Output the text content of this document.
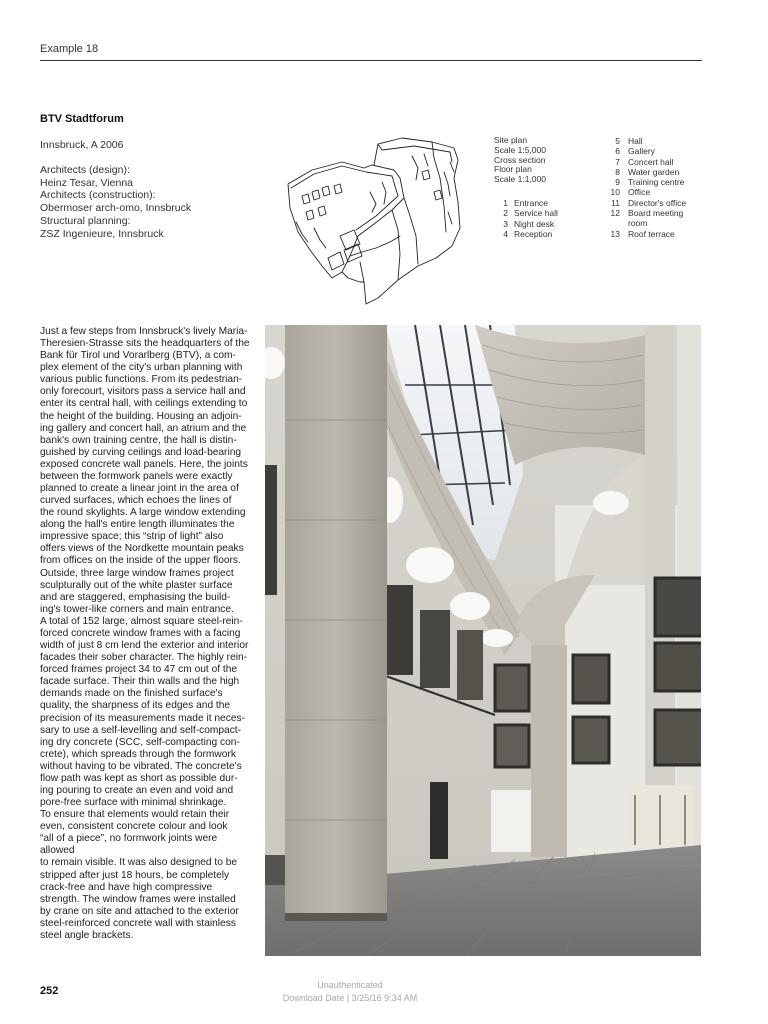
Example 18
BTV Stadtforum
Innsbruck, A 2006
Architects (design):
Heinz Tesar, Vienna
Architects (construction):
Obermoser arch-omo, Innsbruck
Structural planning:
ZSZ Ingenieure, Innsbruck
Site plan
Scale 1:5,000
Cross section
Floor plan
Scale 1:1,000
1 Entrance
2 Service hall
3 Night desk
4 Reception
5 Hall
6 Gallery
7 Concert hall
8 Water garden
9 Training centre
10 Office
11 Director's office
12 Board meeting room
13 Roof terrace

Just a few steps from Innsbruck's lively Maria-

Theresien-Strasse sits the headquarters of the

Bank für Tirol und Vorarlberg (BTV), a com-

plex element of the city's urban planning with

various public functions. From its pedestrian-

only forecourt, visitors pass a service hall and

enter its central hall, with ceilings extending to

the height of the building. Housing an adjoin-

ing gallery and concert hall, an atrium and the

bank's own training centre, the hall is distin-

guished by curving ceilings and load-bearing

exposed concrete wall panels. Here, the joints

between the formwork panels were exactly

planned to create a linear joint in the area of

curved surfaces, which echoes the lines of

the round skylights. A large window extending

along the hall's entire length illuminates the

impressive space; this “strip of light” also

offers views of the Nordkette mountain peaks

from offices on the inside of the upper floors.

Outside, three large window frames project

sculpturally out of the white plaster surface

and are staggered, emphasising the build-

ing's tower-like corners and main entrance.

A total of 152 large, almost square steel-rein-

forced concrete window frames with a facing

width of just 8 cm lend the exterior and interior

facades their sober character. The highly rein-

forced frames project 34 to 47 cm out of the

facade surface. Their thin walls and the high

demands made on the finished surface's

quality, the sharpness of its edges and the

precision of its measurements made it neces-

sary to use a self-levelling and self-compact-

ing dry concrete (SCC, self-compacting con-

crete), which spreads through the formwork

without having to be vibrated. The concrete's

flow path was kept as short as possible dur-

ing pouring to create an even and void and

pore-free surface with minimal shrinkage.

To ensure that elements would retain their

even, consistent concrete colour and look

“all of a piece”, no formwork joints were allowed

to remain visible. It was also designed to be

stripped after just 18 hours, be completely

crack-free and have high compressive

strength. The window frames were installed

by crane on site and attached to the exterior

steel-reinforced concrete wall with stainless

steel angle brackets.

252	Unauthenticated
Download Date | 3/25/16 9:34 AM
